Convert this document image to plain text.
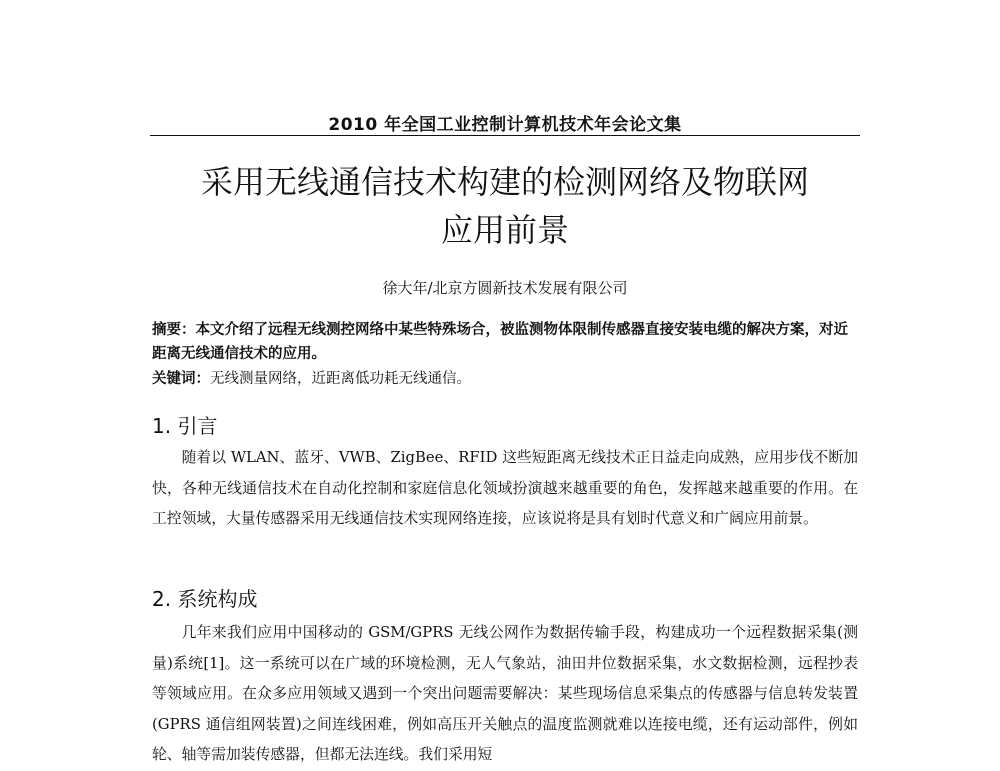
2010 年全国工业控制计算机技术年会论文集
采用无线通信技术构建的检测网络及物联网
应用前景
徐大年/北京方圆新技术发展有限公司

摘要：本文介绍了远程无线测控网络中某些特殊场合，被监测物体限制传感器直接安装电缆的解决方案，对近距离无线通信技术的应用。

关键词：无线测量网络，近距离低功耗无线通信。

1. 引言

随着以 WLAN、蓝牙、VWB、ZigBee、RFID 这些短距离无线技术正日益走向成熟，应用步伐不断加快，各种无线通信技术在自动化控制和家庭信息化领域扮演越来越重要的角色，发挥越来越重要的作用。在工控领域，大量传感器采用无线通信技术实现网络连接，应该说将是具有划时代意义和广阔应用前景。

2. 系统构成

几年来我们应用中国移动的 GSM/GPRS 无线公网作为数据传输手段，构建成功一个远程数据采集(测量)系统[1]。这一系统可以在广域的环境检测，无人气象站，油田井位数据采集，水文数据检测，远程抄表等领域应用。在众多应用领域又遇到一个突出问题需要解决：某些现场信息采集点的传感器与信息转发装置(GPRS 通信组网装置)之间连线困难，例如高压开关触点的温度监测就难以连接电缆，还有运动部件，例如轮、轴等需加装传感器，但都无法连线。我们采用短
